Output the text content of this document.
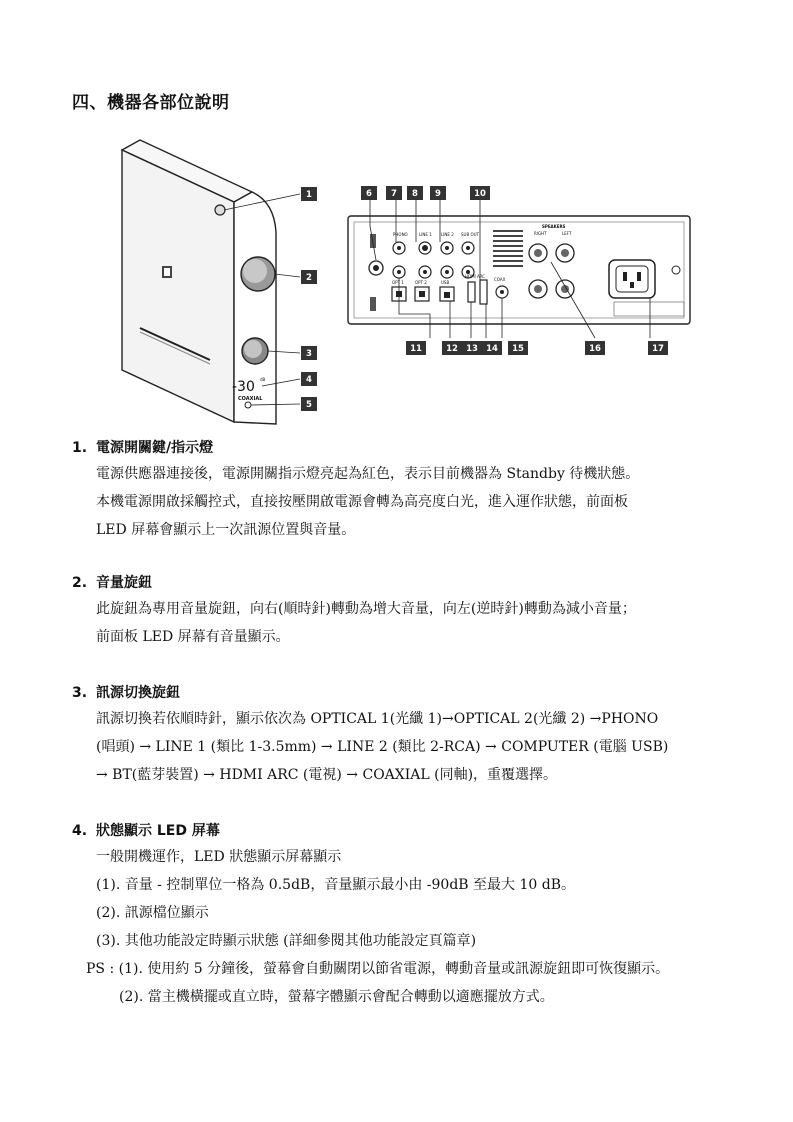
四、機器各部位說明
-30 dB
COAXIAL
1
2
3
4
5
PHONO	LINE 1 LINE 2 SUB OUT
OPT 1	OPT 2	USB
HDMI ARC
COAX
SPEAKERS
RIGHT	LEFT
6 7 8 9	10
11	12 13 14 15	16	17
1. 電源開關鍵/指示燈

電源供應器連接後，電源開關指示燈亮起為紅色，表示目前機器為 Standby 待機狀態。

本機電源開啟採觸控式，直接按壓開啟電源會轉為高亮度白光，進入運作狀態，前面板

LED 屏幕會顯示上一次訊源位置與音量。

2. 音量旋鈕

此旋鈕為專用音量旋鈕，向右(順時針)轉動為增大音量，向左(逆時針)轉動為減小音量；

前面板 LED 屏幕有音量顯示。

3. 訊源切換旋鈕

訊源切換若依順時針，顯示依次為 OPTICAL 1(光纖 1)→OPTICAL 2(光纖 2) →PHONO

(唱頭) → LINE 1 (類比 1-3.5mm) → LINE 2 (類比 2-RCA) → COMPUTER (電腦 USB)

→ BT(藍芽裝置) → HDMI ARC (電視) → COAXIAL (同軸)，重覆選擇。

4. 狀態顯示 LED 屏幕

一般開機運作，LED 狀態顯示屏幕顯示

(1). 音量 - 控制單位一格為 0.5dB，音量顯示最小由 -90dB 至最大 10 dB。

(2). 訊源檔位顯示

(3). 其他功能設定時顯示狀態 (詳細參閱其他功能設定頁篇章)

PS : (1). 使用約 5 分鐘後，螢幕會自動關閉以節省電源，轉動音量或訊源旋鈕即可恢復顯示。

(2). 當主機橫擺或直立時，螢幕字體顯示會配合轉動以適應擺放方式。
